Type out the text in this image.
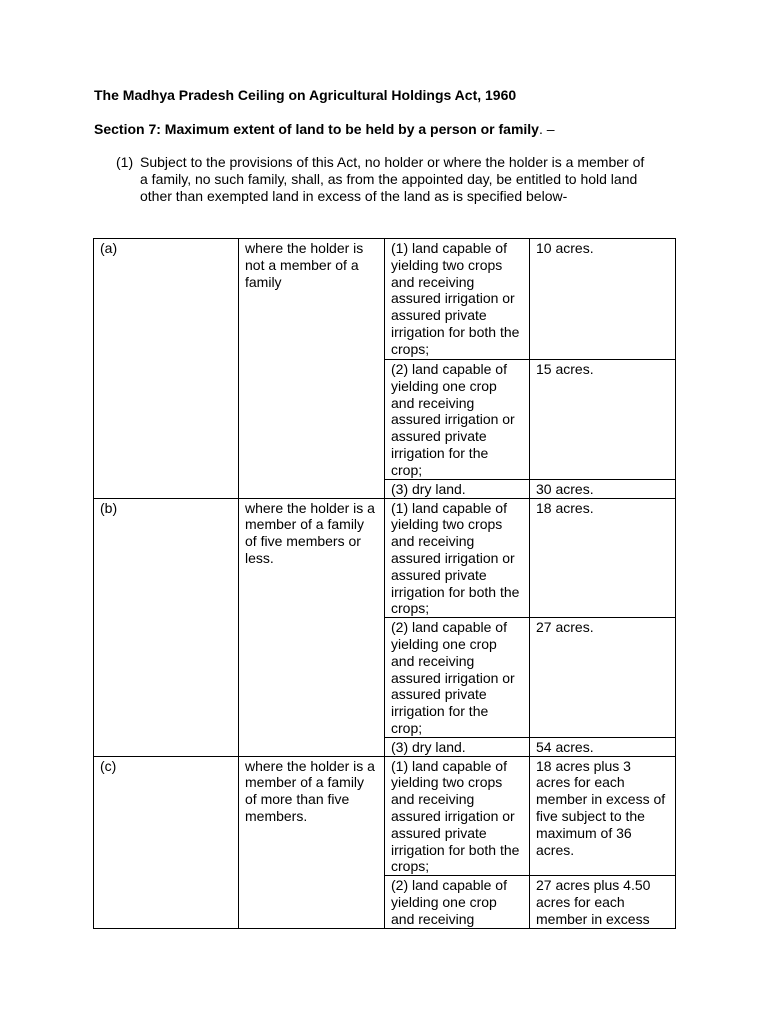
The Madhya Pradesh Ceiling on Agricultural Holdings Act, 1960
Section 7: Maximum extent of land to be held by a person or family. –
(1) Subject to the provisions of this Act, no holder or where the holder is a member of a family, no such family, shall, as from the appointed day, be entitled to hold land other than exempted land in excess of the land as is specified below-
(a)	where the holder is not a member of a family	(1) land capable of yielding two crops and receiving assured irrigation or assured private irrigation for both the crops;	10 acres.
		(2) land capable of yielding one crop and receiving assured irrigation or assured private irrigation for the crop;	15 acres.
		(3) dry land.	30 acres.
(b)	where the holder is a member of a family of five members or less.	(1) land capable of yielding two crops and receiving assured irrigation or assured private irrigation for both the crops;	18 acres.
		(2) land capable of yielding one crop and receiving assured irrigation or assured private irrigation for the crop;	27 acres.
		(3) dry land.	54 acres.
(c)	where the holder is a member of a family of more than five members.	(1) land capable of yielding two crops and receiving assured irrigation or assured private irrigation for both the crops;	18 acres plus 3 acres for each member in excess of five subject to the maximum of 36 acres.
		(2) land capable of yielding one crop and receiving	27 acres plus 4.50 acres for each member in excess
